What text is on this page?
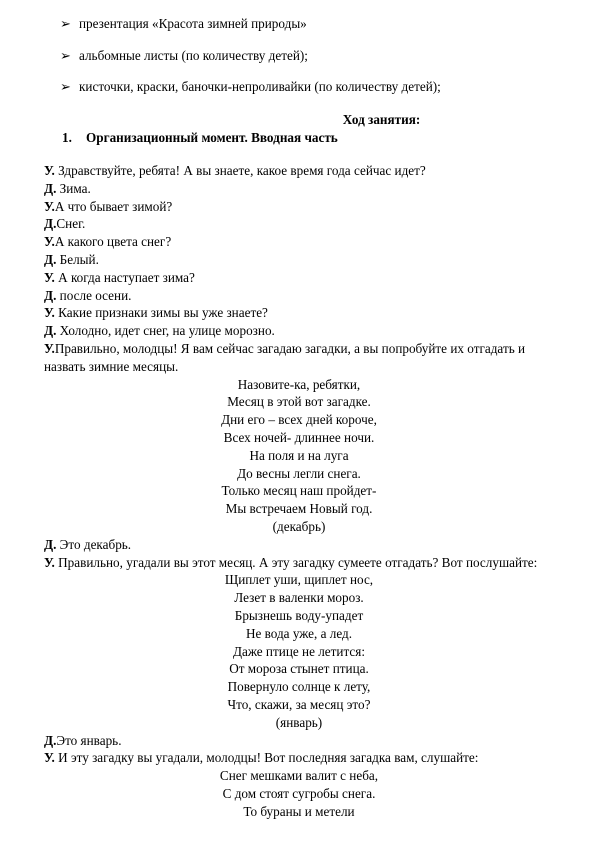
➢ презентация «Красота зимней природы»
➢ альбомные листы (по количеству детей);
➢ кисточки, краски, баночки-непроливайки (по количеству детей);
Ход занятия:
1. Организационный момент. Вводная часть
У. Здравствуйте, ребята! А вы знаете, какое время года сейчас идет?
Д. Зима.
У.А что бывает зимой?
Д.Снег.
У.А какого цвета снег?
Д. Белый.
У. А когда наступает зима?
Д. после осени.
У. Какие признаки зимы вы уже знаете?
Д. Холодно, идет снег, на улице морозно.
У.Правильно, молодцы! Я вам сейчас загадаю загадки, а вы попробуйте их отгадать и назвать зимние месяцы.
Назовите-ка, ребятки,
Месяц в этой вот загадке.
Дни его – всех дней короче,
Всех ночей- длиннее ночи.
На поля и на луга
До весны легли снега.
Только месяц наш пройдет-
Мы встречаем Новый год.
(декабрь)
Д. Это декабрь.
У. Правильно, угадали вы этот месяц. А эту загадку сумеете отгадать? Вот послушайте:
Щиплет уши, щиплет нос,
Лезет в валенки мороз.
Брызнешь воду-упадет
Не вода уже, а лед.
Даже птице не летится:
От мороза стынет птица.
Повернуло солнце к лету,
Что, скажи, за месяц это?
(январь)
Д.Это январь.
У. И эту загадку вы угадали, молодцы! Вот последняя загадка вам, слушайте:
Снег мешками валит с неба,
С дом стоят сугробы снега.
То бураны и метели
